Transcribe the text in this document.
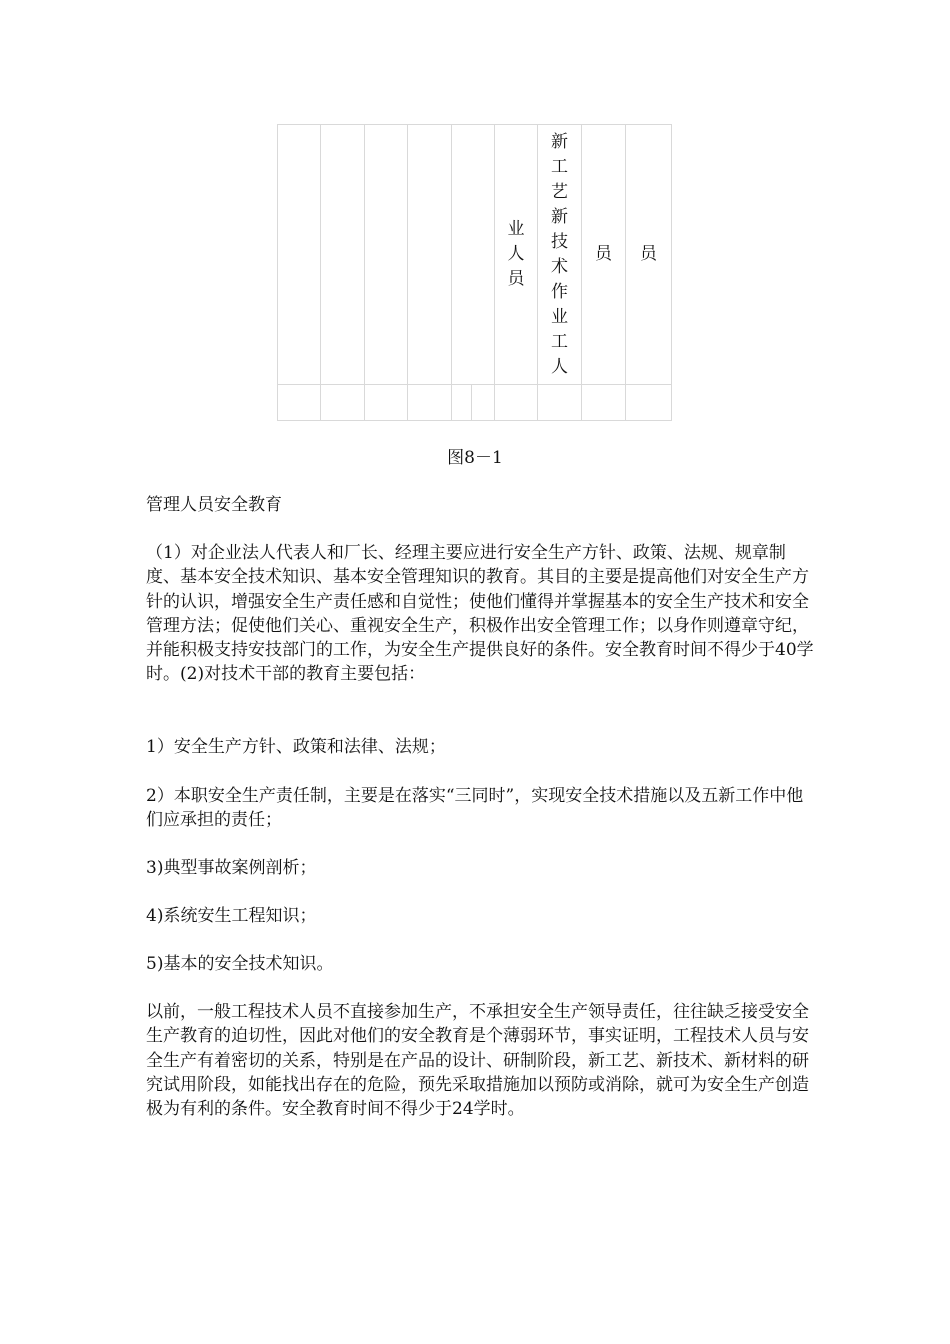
						业人员	新工艺新技术作业工人	员	员

图8－1

管理人员安全教育

（1）对企业法人代表人和厂长、经理主要应进行安全生产方针、政策、法规、规章制度、基本安全技术知识、基本安全管理知识的教育。其目的主要是提高他们对安全生产方针的认识，增强安全生产责任感和自觉性；使他们懂得并掌握基本的安全生产技术和安全管理方法；促使他们关心、重视安全生产，积极作出安全管理工作；以身作则遵章守纪，并能积极支持安技部门的工作，为安全生产提供良好的条件。安全教育时间不得少于40学时。(2)对技术干部的教育主要包括：

1）安全生产方针、政策和法律、法规；

2）本职安全生产责任制，主要是在落实“三同时”，实现安全技术措施以及五新工作中他们应承担的责任；

3)典型事故案例剖析；

4)系统安生工程知识；

5)基本的安全技术知识。

以前，一般工程技术人员不直接参加生产，不承担安全生产领导责任，往往缺乏接受安全生产教育的迫切性，因此对他们的安全教育是个薄弱环节，事实证明，工程技术人员与安全生产有着密切的关系，特别是在产品的设计、研制阶段，新工艺、新技术、新材料的研究试用阶段，如能找出存在的危险，预先采取措施加以预防或消除，就可为安全生产创造极为有利的条件。安全教育时间不得少于24学时。
